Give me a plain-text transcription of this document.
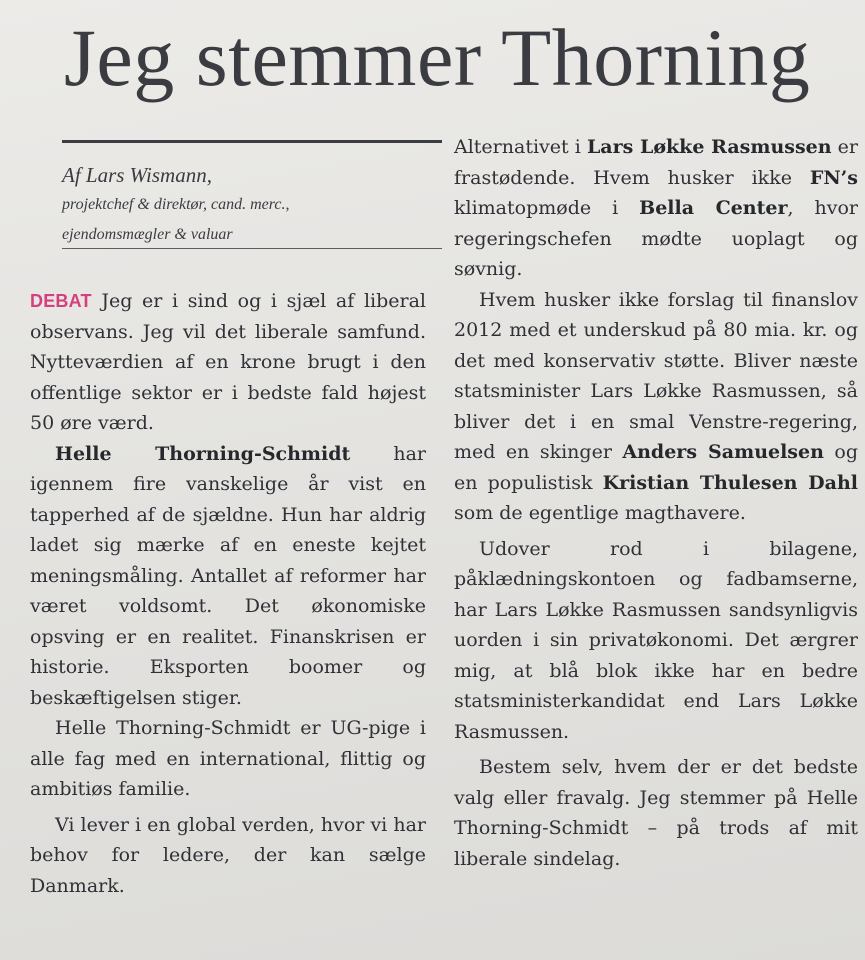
Jeg stemmer Thorning
Af Lars Wismann,
projektchef & direktør, cand. merc.,
ejendomsmægler & valuar

DEBAT Jeg er i sind og i sjæl af liberal observans. Jeg vil det liberale samfund. Nytteværdien af en krone brugt i den offentlige sektor er i bedste fald højest 50 øre værd.

Helle Thorning-Schmidt har igennem fire vanskelige år vist en tapperhed af de sjældne. Hun har aldrig ladet sig mærke af en eneste kejtet meningsmåling. Antallet af reformer har været voldsomt. Det økonomiske opsving er en realitet. Finanskrisen er historie. Eksporten boomer og beskæftigelsen stiger.

Helle Thorning-Schmidt er UG-pige i alle fag med en international, flittig og ambitiøs familie.

Vi lever i en global verden, hvor vi har behov for ledere, der kan sælge Danmark.

Alternativet i Lars Løkke Rasmussen er frastødende. Hvem husker ikke FN’s klimatopmøde i Bella Center, hvor regeringschefen mødte uoplagt og søvnig.

Hvem husker ikke forslag til finanslov 2012 med et underskud på 80 mia. kr. og det med konservativ støtte. Bliver næste statsminister Lars Løkke Rasmussen, så bliver det i en smal Venstre-regering, med en skinger Anders Samuelsen og en populistisk Kristian Thulesen Dahl som de egentlige magthavere.

Udover rod i bilagene, påklædningskontoen og fadbamserne, har Lars Løkke Rasmussen sandsynligvis uorden i sin privatøkonomi. Det ærgrer mig, at blå blok ikke har en bedre statsministerkandidat end Lars Løkke Rasmussen.

Bestem selv, hvem der er det bedste valg eller fravalg. Jeg stemmer på Helle Thorning-Schmidt – på trods af mit liberale sindelag.
